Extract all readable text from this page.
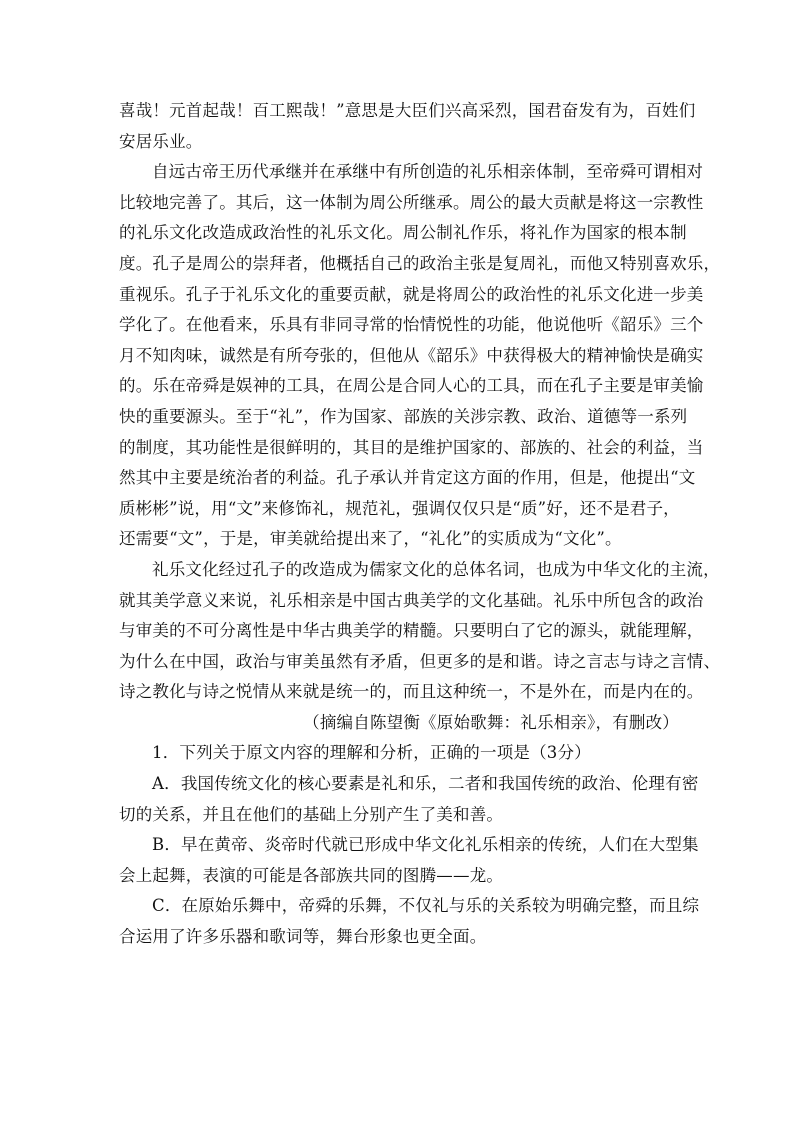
喜哉！元首起哉！百工熙哉！”意思是大臣们兴高采烈，国君奋发有为，百姓们
安居乐业。
自远古帝王历代承继并在承继中有所创造的礼乐相亲体制，至帝舜可谓相对
比较地完善了。其后，这一体制为周公所继承。周公的最大贡献是将这一宗教性
的礼乐文化改造成政治性的礼乐文化。周公制礼作乐，将礼作为国家的根本制
度。孔子是周公的崇拜者，他概括自己的政治主张是复周礼，而他又特别喜欢乐，
重视乐。孔子于礼乐文化的重要贡献，就是将周公的政治性的礼乐文化进一步美
学化了。在他看来，乐具有非同寻常的怡情悦性的功能，他说他听《韶乐》三个
月不知肉味，诚然是有所夸张的，但他从《韶乐》中获得极大的精神愉快是确实
的。乐在帝舜是娱神的工具，在周公是合同人心的工具，而在孔子主要是审美愉
快的重要源头。至于“礼”，作为国家、部族的关涉宗教、政治、道德等一系列
的制度，其功能性是很鲜明的，其目的是维护国家的、部族的、社会的利益，当
然其中主要是统治者的利益。孔子承认并肯定这方面的作用，但是，他提出“文
质彬彬”说，用“文”来修饰礼，规范礼，强调仅仅只是“质”好，还不是君子，
还需要“文”，于是，审美就给提出来了，“礼化”的实质成为“文化”。
礼乐文化经过孔子的改造成为儒家文化的总体名词，也成为中华文化的主流，
就其美学意义来说，礼乐相亲是中国古典美学的文化基础。礼乐中所包含的政治
与审美的不可分离性是中华古典美学的精髓。只要明白了它的源头，就能理解，
为什么在中国，政治与审美虽然有矛盾，但更多的是和谐。诗之言志与诗之言情、
诗之教化与诗之悦情从来就是统一的，而且这种统一，不是外在，而是内在的。
（摘编自陈望衡《原始歌舞：礼乐相亲》，有删改）
1．下列关于原文内容的理解和分析，正确的一项是（3分）
A．我国传统文化的核心要素是礼和乐，二者和我国传统的政治、伦理有密
切的关系，并且在他们的基础上分别产生了美和善。
B．早在黄帝、炎帝时代就已形成中华文化礼乐相亲的传统，人们在大型集
会上起舞，表演的可能是各部族共同的图腾——龙。
C．在原始乐舞中，帝舜的乐舞，不仅礼与乐的关系较为明确完整，而且综
合运用了许多乐器和歌词等，舞台形象也更全面。
